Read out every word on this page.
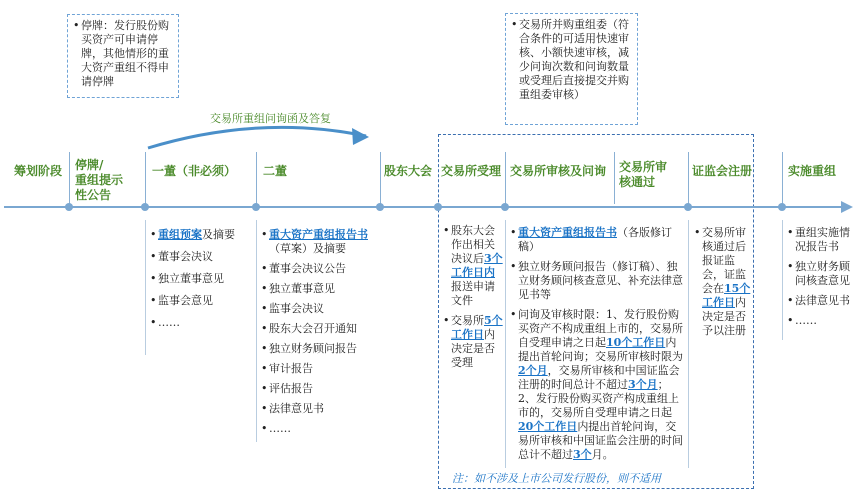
• 停牌：发行股份购买资产可申请停牌，其他情形的重大资产重组不得申请停牌
• 交易所并购重组委（符合条件的可适用快速审核、小额快速审核，减少问询次数和问询数量或受理后直接提交并购重组委审核）
交易所重组问询函及答复
筹划阶段 停牌/
重组提示
性公告
一董（非必须） 二董	股东大会 交易所受理 交易所审核及问询 交易所审
核通过
证监会注册	实施重组
• 重组预案及摘要
• 董事会决议
• 独立董事意见
• 监事会意见
• ……
• 重大资产重组报告书（草案）及摘要
• 董事会决议公告
• 独立董事意见
• 监事会决议
• 股东大会召开通知
• 独立财务顾问报告
• 审计报告
• 评估报告
• 法律意见书
• ……
• 股东大会作出相关决议后3个工作日内报送申请文件
• 交易所5个工作日内决定是否受理
• 重大资产重组报告书（各版修订稿）
• 独立财务顾问报告（修订稿）、独立财务顾问核查意见、补充法律意见书等
• 问询及审核时限：1、发行股份购买资产不构成重组上市的，交易所自受理申请之日起10个工作日内提出首轮问询；交易所审核时限为2个月，交易所审核和中国证监会注册的时间总计不超过3个月；2、发行股份购买资产构成重组上市的，交易所自受理申请之日起20个工作日内提出首轮问询，交易所审核和中国证监会注册的时间总计不超过3个月。
• 交易所审核通过后报证监会，证监会在15个工作日内决定是否予以注册
• 重组实施情况报告书
• 独立财务顾问核查意见
• 法律意见书
• ……
注：如不涉及上市公司发行股份，则不适用
